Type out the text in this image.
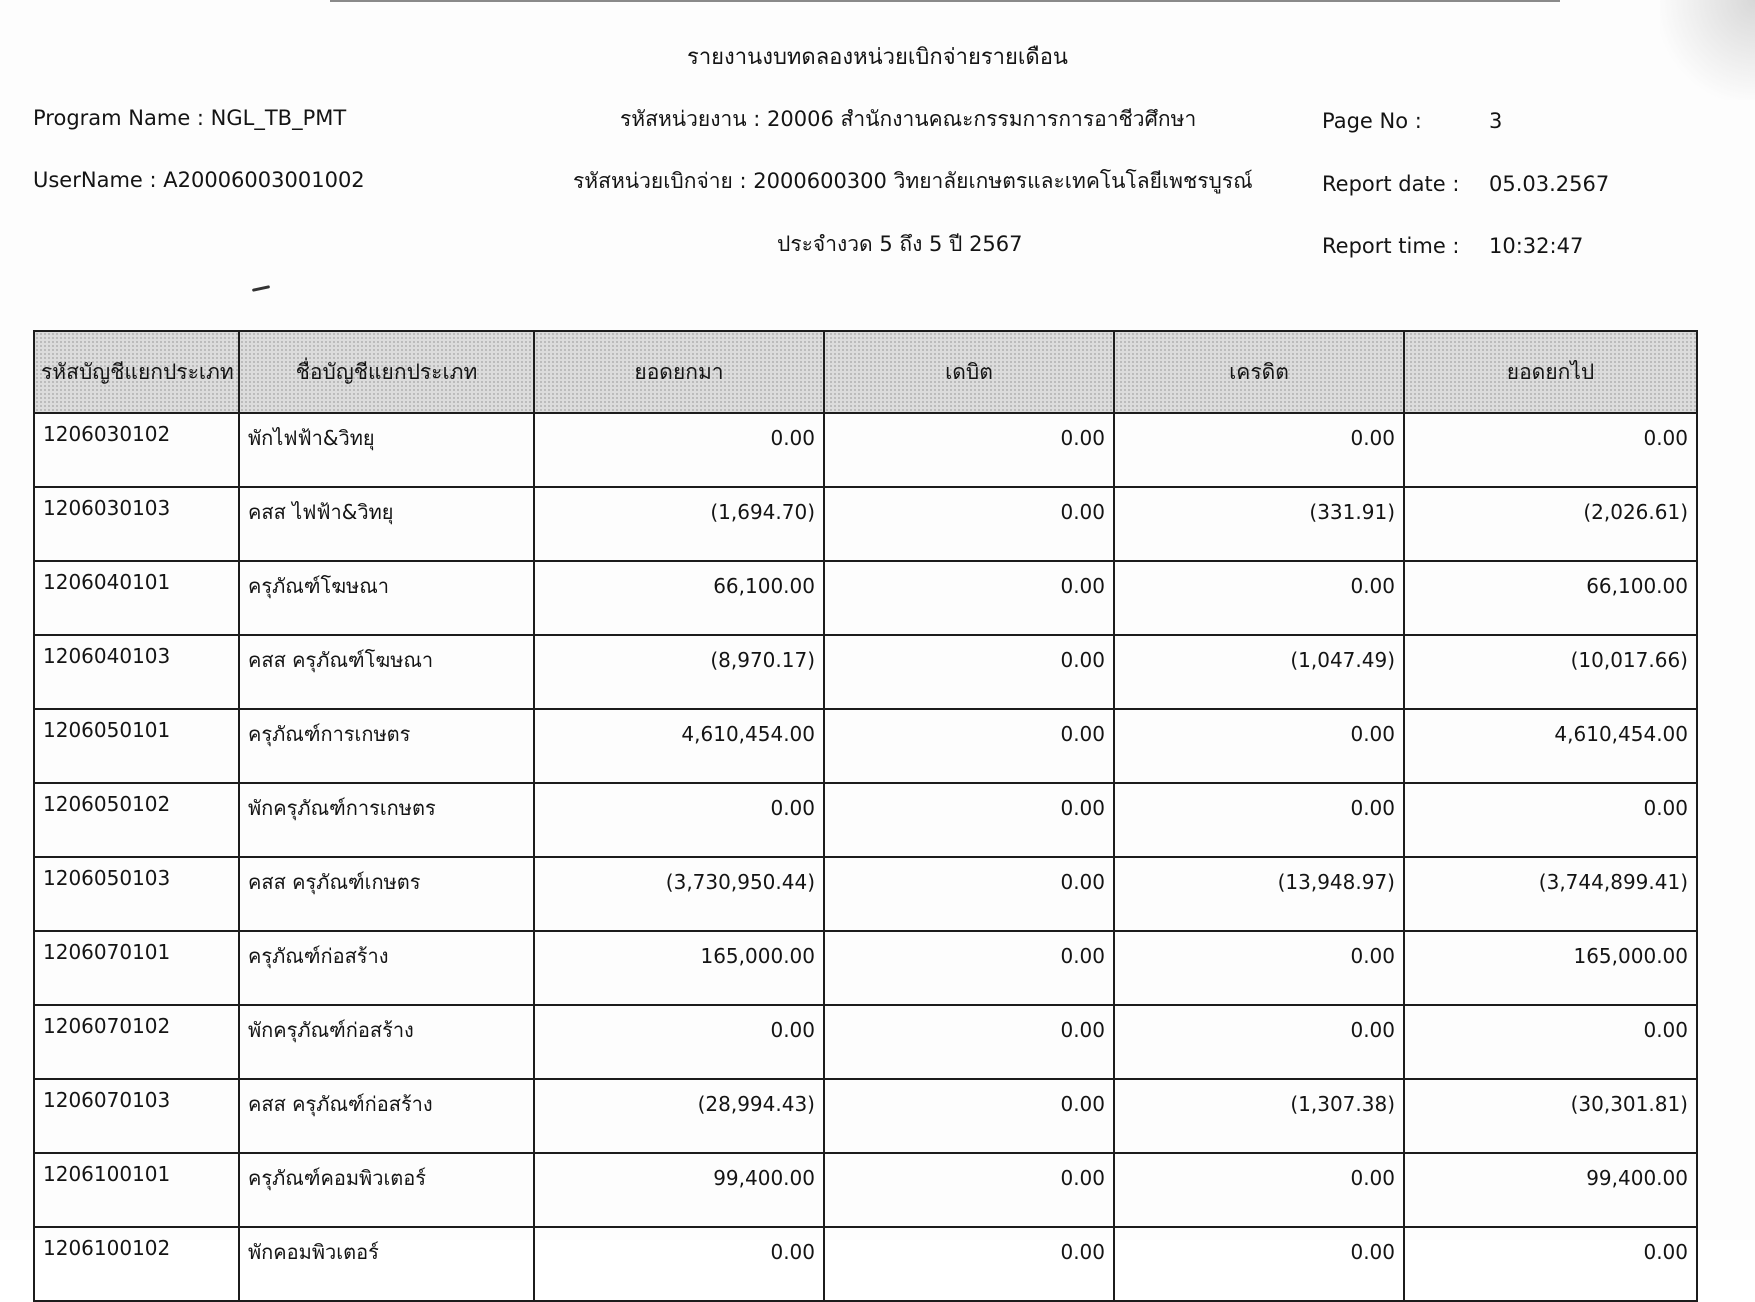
รายงานงบทดลองหน่วยเบิกจ่ายรายเดือน
Program Name : NGL_TB_PMT
UserName : A20006003001002
รหัสหน่วยงาน : 20006 สำนักงานคณะกรรมการการอาชีวศึกษา
รหัสหน่วยเบิกจ่าย : 2000600300 วิทยาลัยเกษตรและเทคโนโลยีเพชรบูรณ์
ประจำงวด 5 ถึง 5 ปี 2567
Page No :	3
Report date : 05.03.2567
Report time : 10:32:47
รหัสบัญชีแยกประเภท	ชื่อบัญชีแยกประเภท	ยอดยกมา	เดบิต	เครดิต	ยอดยกไป
1206030102	พักไฟฟ้า&วิทยุ	0.00	0.00	0.00	0.00
1206030103	คสส ไฟฟ้า&วิทยุ	(1,694.70)	0.00	(331.91)	(2,026.61)
1206040101	ครุภัณฑ์โฆษณา	66,100.00	0.00	0.00	66,100.00
1206040103	คสส ครุภัณฑ์โฆษณา	(8,970.17)	0.00	(1,047.49)	(10,017.66)
1206050101	ครุภัณฑ์การเกษตร	4,610,454.00	0.00	0.00	4,610,454.00
1206050102	พักครุภัณฑ์การเกษตร	0.00	0.00	0.00	0.00
1206050103	คสส ครุภัณฑ์เกษตร	(3,730,950.44)	0.00	(13,948.97)	(3,744,899.41)
1206070101	ครุภัณฑ์ก่อสร้าง	165,000.00	0.00	0.00	165,000.00
1206070102	พักครุภัณฑ์ก่อสร้าง	0.00	0.00	0.00	0.00
1206070103	คสส ครุภัณฑ์ก่อสร้าง	(28,994.43)	0.00	(1,307.38)	(30,301.81)
1206100101	ครุภัณฑ์คอมพิวเตอร์	99,400.00	0.00	0.00	99,400.00
1206100102	พักคอมพิวเตอร์	0.00	0.00	0.00	0.00
